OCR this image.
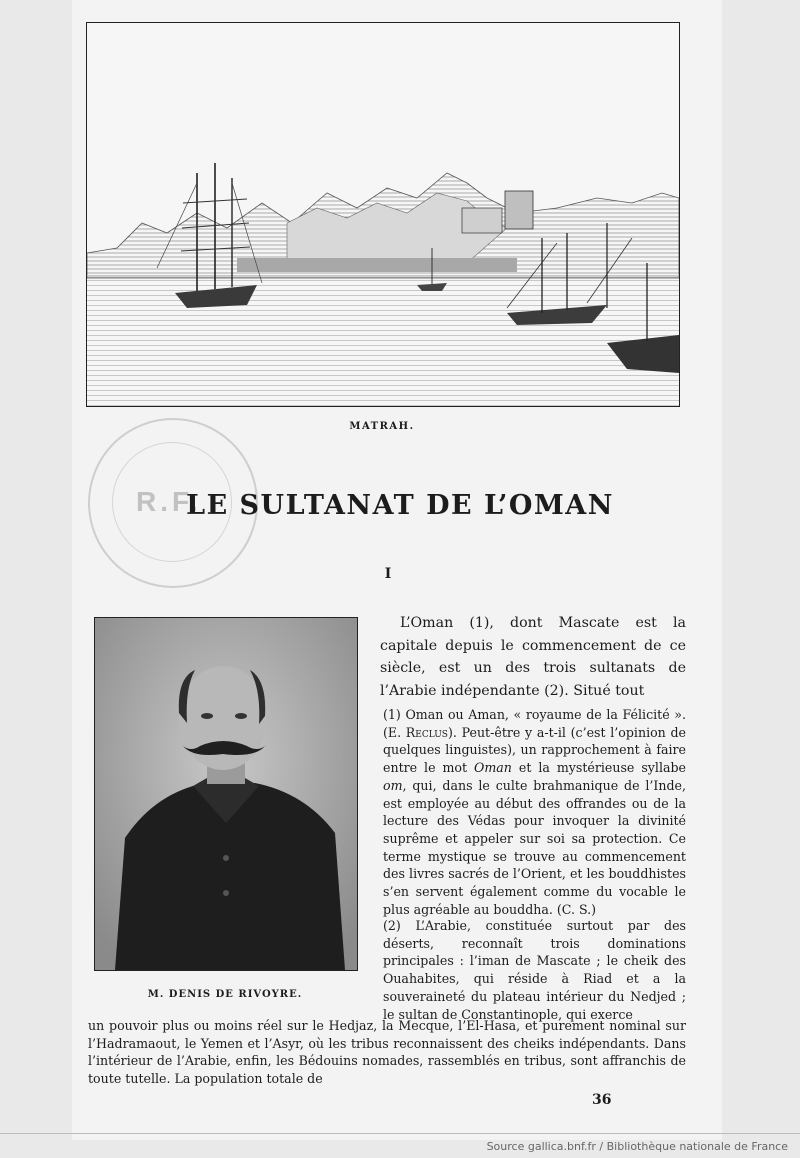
MATRAH.
R.F.
LE SULTANAT DE L’OMAN
I
M. DENIS DE RIVOYRE.

L’Oman (1), dont Mascate est la capitale depuis le commencement de ce siècle, est un des trois sultanats de l’Arabie indépendante (2). Situé tout

(1) Oman ou Aman, « royaume de la Félicité ». (E. Reclus). Peut-être y a-t-il (c’est l’opinion de quelques linguistes), un rapprochement à faire entre le mot Oman et la mystérieuse syllabe om, qui, dans le culte brahmanique de l’Inde, est employée au début des offrandes ou de la lecture des Védas pour invoquer la divinité suprême et appeler sur soi sa protection. Ce terme mystique se trouve au commencement des livres sacrés de l’Orient, et les bouddhistes s’en servent également comme du vocable le plus agréable au bouddha. (C. S.)

(2) L’Arabie, constituée surtout par des déserts, reconnaît trois dominations principales : l’iman de Mascate ; le cheik des Ouahabites, qui réside à Riad et a la souveraineté du plateau intérieur du Nedjed ; le sultan de Constantinople, qui exerce

un pouvoir plus ou moins réel sur le Hedjaz, la Mecque, l’El-Hasa, et purement nominal sur l’Hadramaout, le Yemen et l’Asyr, où les tribus reconnaissent des cheiks indépendants. Dans l’intérieur de l’Arabie, enfin, les Bédouins nomades, rassemblés en tribus, sont affranchis de toute tutelle. La population totale de

36
Source gallica.bnf.fr / Bibliothèque nationale de France
